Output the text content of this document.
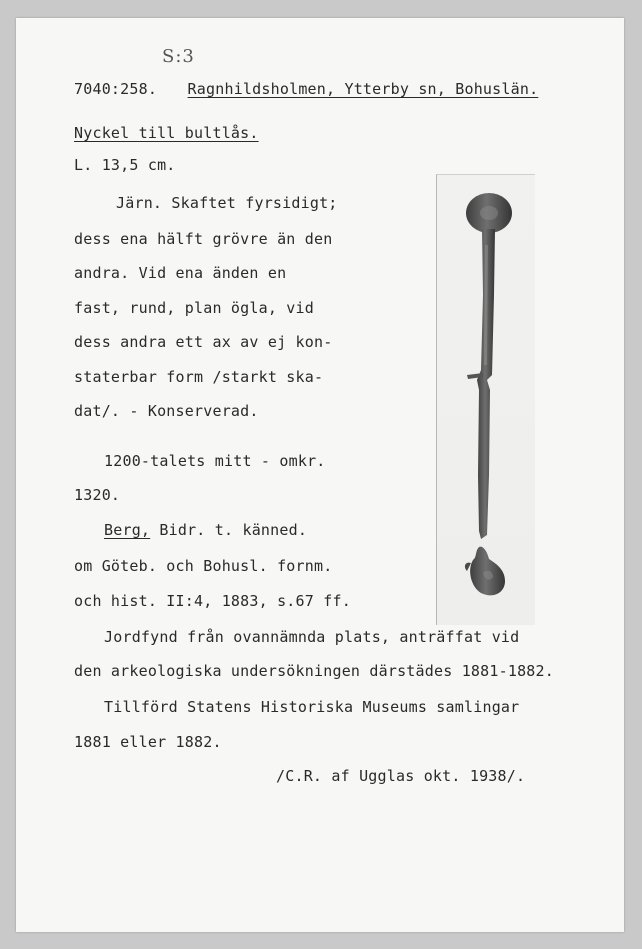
S:3
7040:258. Ragnhildsholmen, Ytterby sn, Bohuslän.
Nyckel till bultlås.
L. 13,5 cm.
Järn. Skaftet fyrsidigt;
dess ena hälft grövre än den
andra. Vid ena änden en
fast, rund, plan ögla, vid
dess andra ett ax av ej kon-
staterbar form /starkt ska-
dat/. - Konserverad.
1200-talets mitt - omkr.
1320.
Berg, Bidr. t. känned.
om Göteb. och Bohusl. fornm.
och hist. II:4, 1883, s.67 ff.
Jordfynd från ovannämnda plats, anträffat vid
den arkeologiska undersökningen därstädes 1881-1882.
Tillförd Statens Historiska Museums samlingar
1881 eller 1882.
/C.R. af Ugglas okt. 1938/.
